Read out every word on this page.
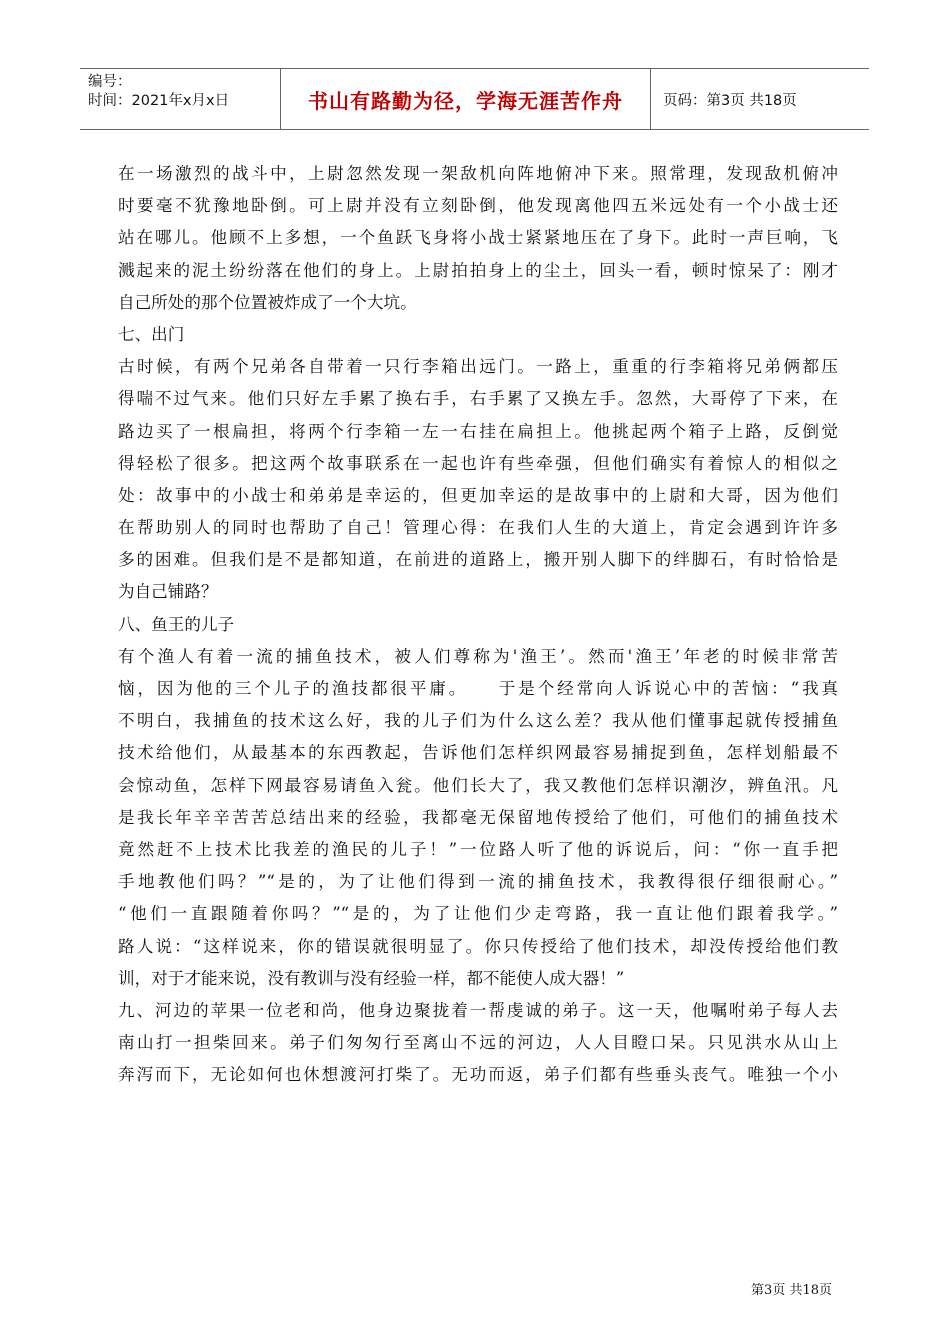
编号：
时间：2021年x月x日	书山有路勤为径，学海无涯苦作舟	页码：第3页 共18页
在一场激烈的战斗中，上尉忽然发现一架敌机向阵地俯冲下来。照常理，发现敌机俯冲
时要毫不犹豫地卧倒。可上尉并没有立刻卧倒，他发现离他四五米远处有一个小战士还
站在哪儿。他顾不上多想，一个鱼跃飞身将小战士紧紧地压在了身下。此时一声巨响，飞
溅起来的泥土纷纷落在他们的身上。上尉拍拍身上的尘土，回头一看，顿时惊呆了：刚才
自己所处的那个位置被炸成了一个大坑。
七、出门
古时候，有两个兄弟各自带着一只行李箱出远门。一路上，重重的行李箱将兄弟俩都压
得喘不过气来。他们只好左手累了换右手，右手累了又换左手。忽然，大哥停了下来，在
路边买了一根扁担，将两个行李箱一左一右挂在扁担上。他挑起两个箱子上路，反倒觉
得轻松了很多。把这两个故事联系在一起也许有些牵强，但他们确实有着惊人的相似之
处：故事中的小战士和弟弟是幸运的，但更加幸运的是故事中的上尉和大哥，因为他们
在帮助别人的同时也帮助了自己！管理心得：在我们人生的大道上，肯定会遇到许许多
多的困难。但我们是不是都知道，在前进的道路上，搬开别人脚下的绊脚石，有时恰恰是
为自己铺路？
八、鱼王的儿子
有个渔人有着一流的捕鱼技术，被人们尊称为'渔王’。然而'渔王’年老的时候非常苦
恼，因为他的三个儿子的渔技都很平庸。　　于是个经常向人诉说心中的苦恼：“我真
不明白，我捕鱼的技术这么好，我的儿子们为什么这么差？我从他们懂事起就传授捕鱼
技术给他们，从最基本的东西教起，告诉他们怎样织网最容易捕捉到鱼，怎样划船最不
会惊动鱼，怎样下网最容易请鱼入瓮。他们长大了，我又教他们怎样识潮汐，辨鱼汛。凡
是我长年辛辛苦苦总结出来的经验，我都毫无保留地传授给了他们，可他们的捕鱼技术
竟然赶不上技术比我差的渔民的儿子！”一位路人听了他的诉说后，问：“你一直手把
手地教他们吗？”“是的，为了让他们得到一流的捕鱼技术，我教得很仔细很耐心。”
“他们一直跟随着你吗？”“是的，为了让他们少走弯路，我一直让他们跟着我学。”
路人说：“这样说来，你的错误就很明显了。你只传授给了他们技术，却没传授给他们教
训，对于才能来说，没有教训与没有经验一样，都不能使人成大器！”
九、河边的苹果一位老和尚，他身边聚拢着一帮虔诚的弟子。这一天，他嘱咐弟子每人去
南山打一担柴回来。弟子们匆匆行至离山不远的河边，人人目瞪口呆。只见洪水从山上
奔泻而下，无论如何也休想渡河打柴了。无功而返，弟子们都有些垂头丧气。唯独一个小
第3页 共18页
